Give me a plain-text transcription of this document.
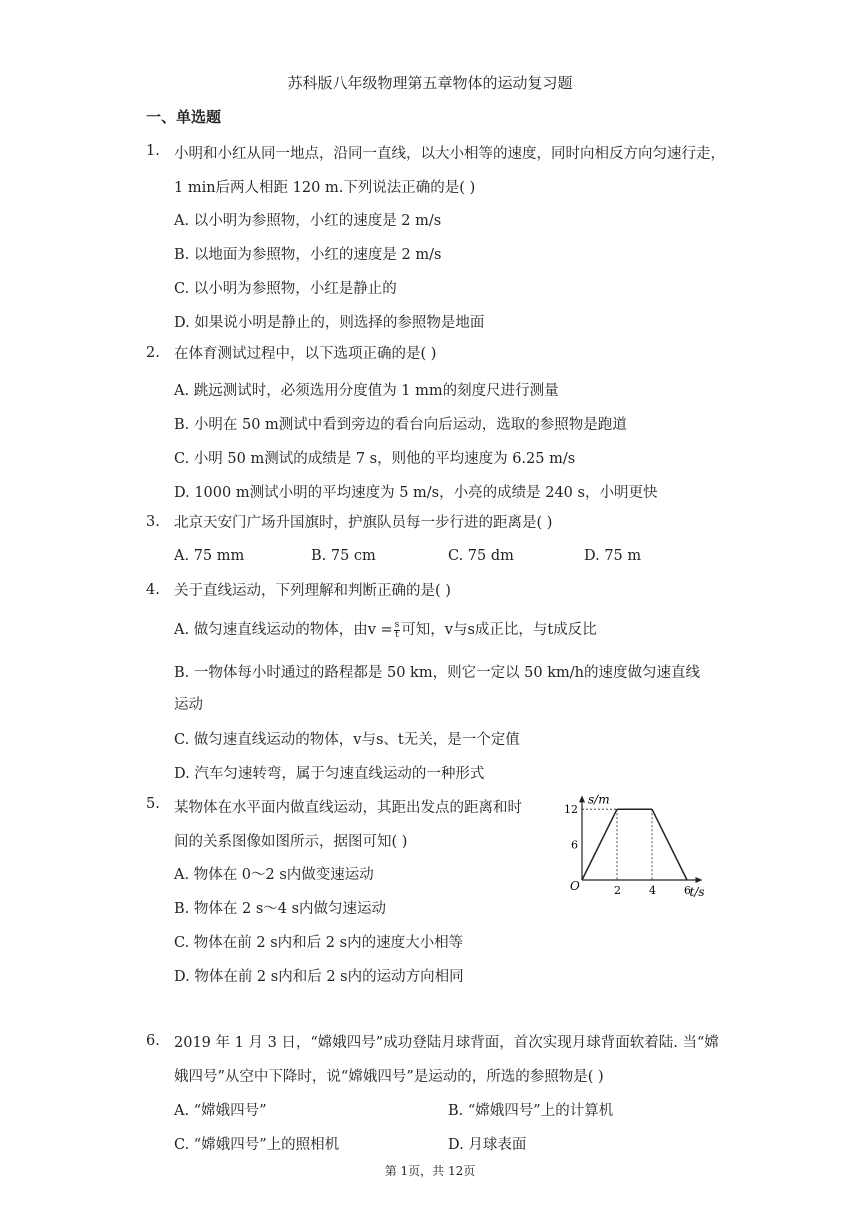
苏科版八年级物理第五章物体的运动复习题
一、单选题
1. 小明和小红从同一地点，沿同一直线，以大小相等的速度，同时向相反方向匀速行走，1 min后两人相距 120 m.下列说法正确的是( )
A. 以小明为参照物，小红的速度是 2 m/s
B. 以地面为参照物，小红的速度是 2 m/s
C. 以小明为参照物，小红是静止的
D. 如果说小明是静止的，则选择的参照物是地面
2. 在体育测试过程中，以下选项正确的是( )
A. 跳远测试时，必须选用分度值为 1 mm的刻度尺进行测量
B. 小明在 50 m测试中看到旁边的看台向后运动，选取的参照物是跑道
C. 小明 50 m测试的成绩是 7 s，则他的平均速度为 6.25 m/s
D. 1000 m测试小明的平均速度为 5 m/s，小亮的成绩是 240 s，小明更快
3. 北京天安门广场升国旗时，护旗队员每一步行进的距离是( )
A. 75 mm	B. 75 cm	C. 75 dm	D. 75 m
4. 关于直线运动，下列理解和判断正确的是( )
A. 做匀速直线运动的物体，由$v = \frac{s}{t}$ 可知，v与s成正比，与t成反比
B. 一物体每小时通过的路程都是 50 km，则它一定以 50 km/h的速度做匀速直线
运动
C. 做匀速直线运动的物体，v与s、t无关，是一个定值
D. 汽车匀速转弯，属于匀速直线运动的一种形式
5. 某物体在水平面内做直线运动，其距出发点的距离和时
间的关系图像如图所示，据图可知( )
A. 物体在 0～2 s内做变速运动
B. 物体在 2 s～4 s内做匀速运动
C. 物体在前 2 s内和后 2 s内的速度大小相等
D. 物体在前 2 s内和后 2 s内的运动方向相同
t/s
s/m
O	2	4	6
6
12
6. 2019 年 1 月 3 日，“嫦娥四号”成功登陆月球背面，首次实现月球背面软着陆. 当“嫦娥四号”从空中下降时，说“嫦娥四号”是运动的，所选的参照物是( )
A. “嫦娥四号”	B. “嫦娥四号”上的计算机
C. “嫦娥四号”上的照相机	D. 月球表面
第 1页，共 12页
